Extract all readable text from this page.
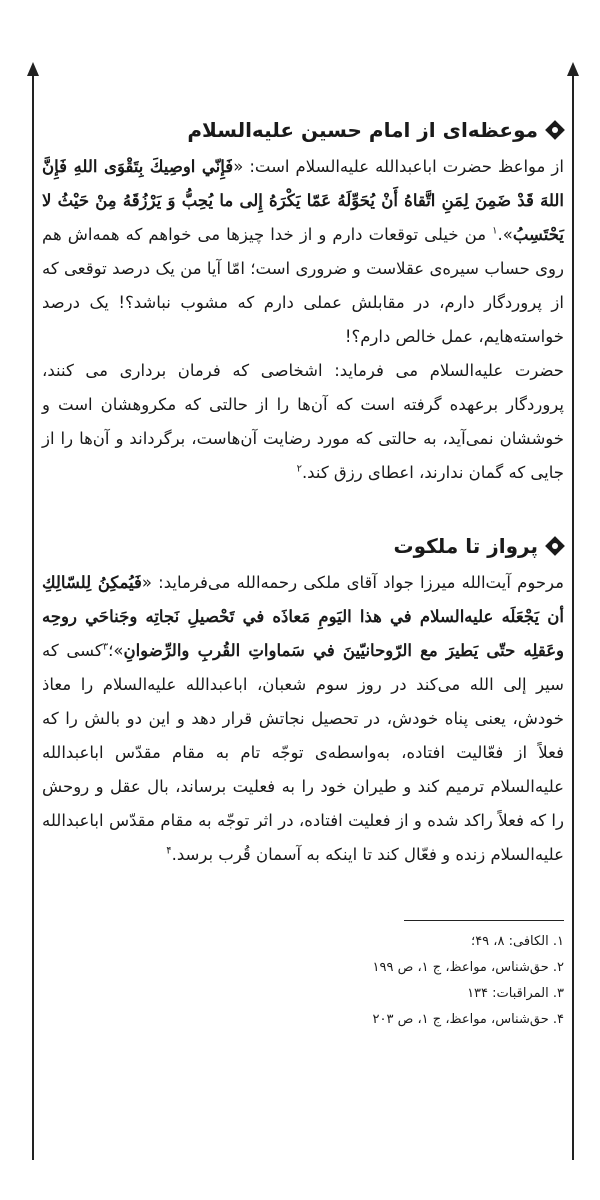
موعظه‌ای از امام حسین علیه‌السلام

از مواعظ حضرت اباعبدالله علیه‌السلام است: «فَإِنّي اوصِيكَ بِتَقْوَى اللهِ فَإِنَّ اللهَ قَدْ ضَمِنَ لِمَنِ اتَّقاهُ أَنْ يُحَوِّلَهُ عَمّا يَكْرَهُ إِلى ما يُحِبُّ وَ يَرْزُقَهُ مِنْ حَيْثُ لا يَحْتَسِبُ».$^۱$ من خیلی توقعات دارم و از خدا چیزها می خواهم که همه‌اش هم روی حساب سیره‌ی عقلاست و ضروری است؛ امّا آیا من یک درصد توقعی که از پروردگار دارم، در مقابلش عملی دارم که مشوب نباشد؟! یک درصد خواسته‌هایم، عمل خالص دارم؟!

حضرت علیه‌السلام می فرماید: اشخاصی که فرمان برداری می کنند، پروردگار برعهده گرفته است که آن‌ها را از حالتی که مکروهشان است و خوششان نمی‌آید، به حالتی که مورد رضایت آن‌هاست، برگرداند و آن‌ها را از جایی که گمان ندارند، اعطای رزق کند.$^۲$

پرواز تا ملکوت

مرحوم آیت‌الله میرزا جواد آقای ملکی رحمه‌الله می‌فرماید: «فَيُمكِنُ لِلسّالِكِ أن يَجْعَلَه علیه‌السلام في هذا اليَومِ مَعاذَه في تَحْصيلِ نَجاتِه وجَناحَي روحِه وعَقلِه حتّى يَطيرَ مع الرّوحانيّينَ في سَماواتِ القُربِ والرِّضوانِ»؛$^۳$کسی که سیر إلی الله می‌کند در روز سوم شعبان، اباعبدالله علیه‌السلام را معاذ خودش، یعنی پناه خودش، در تحصیل نجاتش قرار دهد و این دو بالش را که فعلاً از فعّالیت افتاده، به‌واسطه‌ی توجّه تام به مقام مقدّس اباعبدالله علیه‌السلام ترمیم کند و طیران خود را به فعلیت برساند، بال عقل و روحش را که فعلاً راکد شده و از فعلیت افتاده، در اثر توجّه به مقام مقدّس اباعبدالله علیه‌السلام زنده و فعّال کند تا اینکه به آسمان قُرب برسد.$^۴$

۱. الکافی: ۸، ۴۹؛
۲. حق‌شناس، مواعظ، ج ۱، ص ۱۹۹
۳. المراقبات: ۱۳۴
۴. حق‌شناس، مواعظ، ج ۱، ص ۲۰۳
